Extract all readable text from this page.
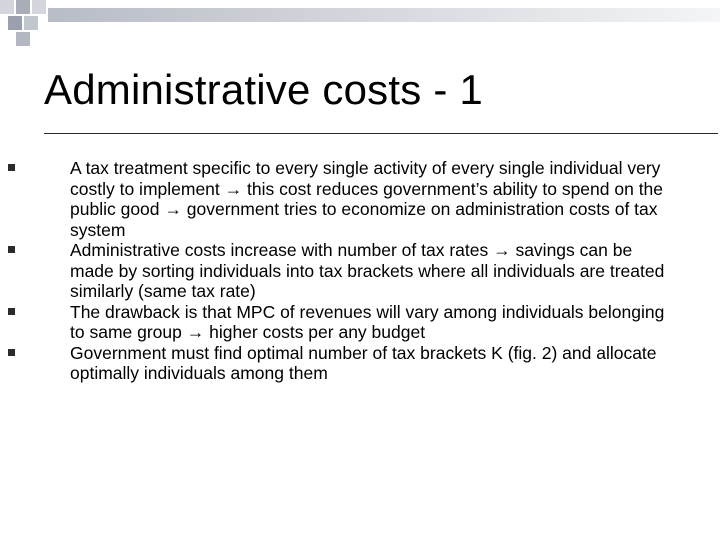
Administrative costs - 1
A tax treatment specific to every single activity of every single individual very costly to implement → this cost reduces government’s ability to spend on the public good → government tries to economize on administration costs of tax system
Administrative costs increase with number of tax rates → savings can be made by sorting individuals into tax brackets where all individuals are treated similarly (same tax rate)
The drawback is that MPC of revenues will vary among individuals belonging to same group → higher costs per any budget
Government must find optimal number of tax brackets K (fig. 2) and allocate optimally individuals among them
